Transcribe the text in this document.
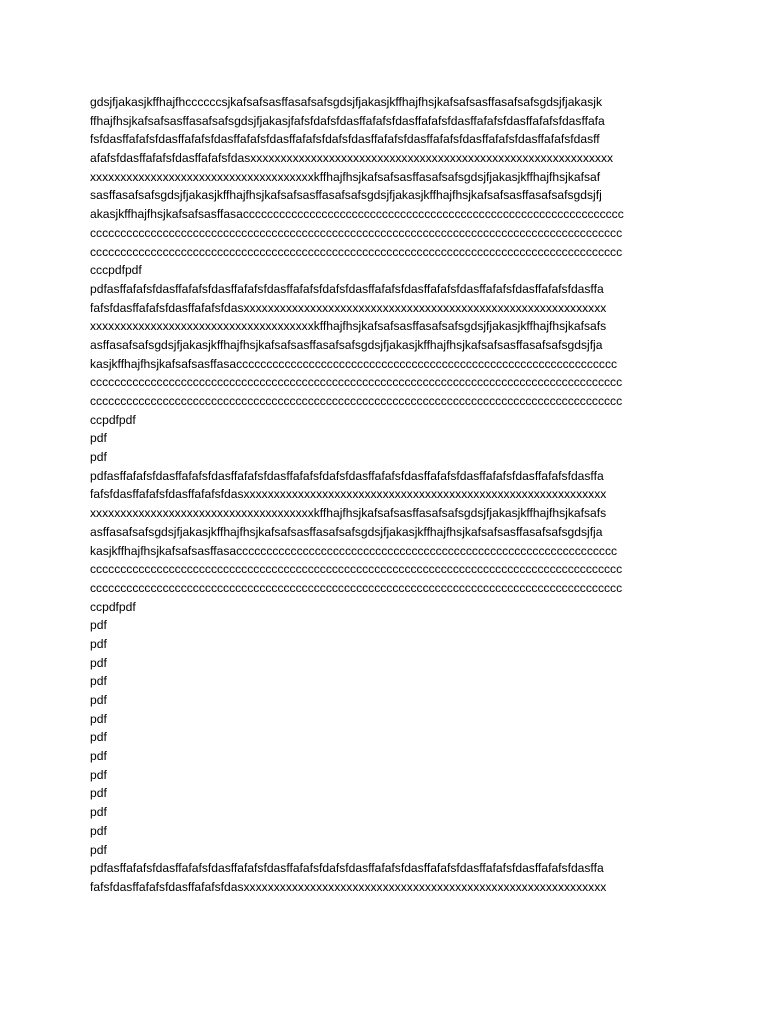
gdsjfjakasjkffhajfhccccccsjkafsafsasffasafsafsgdsjfjakasjkffhajfhsjkafsafsasffasafsafsgdsjfjakasjk
ffhajfhsjkafsafsasffasafsafsgdsjfjakasjfafsfdafsfdasffafafsfdasffafafsfdasffafafsfdasffafafsfdasffafa
fsfdasffafafsfdasffafafsfdasffafafsfdasffafafsfdafsfdasffafafsfdasffafafsfdasffafafsfdasffafafsfdasff
afafsfdasffafafsfdasffafafsfdasxxxxxxxxxxxxxxxxxxxxxxxxxxxxxxxxxxxxxxxxxxxxxxxxxxxxxxxxxxxx
xxxxxxxxxxxxxxxxxxxxxxxxxxxxxxxxxxxxxkffhajfhsjkafsafsasffasafsafsgdsjfjakasjkffhajfhsjkafsaf
sasffasafsafsgdsjfjakasjkffhajfhsjkafsafsasffasafsafsgdsjfjakasjkffhajfhsjkafsafsasffasafsafsgdsjfj
akasjkffhajfhsjkafsafsasffasaccccccccccccccccccccccccccccccccccccccccccccccccccccccccccccccc
cccccccccccccccccccccccccccccccccccccccccccccccccccccccccccccccccccccccccccccccccccccccc
cccccccccccccccccccccccccccccccccccccccccccccccccccccccccccccccccccccccccccccccccccccccc
cccpdfpdf
pdfasffafafsfdasffafafsfdasffafafsfdasffafafsfdafsfdasffafafsfdasffafafsfdasffafafsfdasffafafsfdasffa
fafsfdasffafafsfdasffafafsfdasxxxxxxxxxxxxxxxxxxxxxxxxxxxxxxxxxxxxxxxxxxxxxxxxxxxxxxxxxxxx
xxxxxxxxxxxxxxxxxxxxxxxxxxxxxxxxxxxxxkffhajfhsjkafsafsasffasafsafsgdsjfjakasjkffhajfhsjkafsafs
asffasafsafsgdsjfjakasjkffhajfhsjkafsafsasffasafsafsgdsjfjakasjkffhajfhsjkafsafsasffasafsafsgdsjfja
kasjkffhajfhsjkafsafsasffasaccccccccccccccccccccccccccccccccccccccccccccccccccccccccccccccc
cccccccccccccccccccccccccccccccccccccccccccccccccccccccccccccccccccccccccccccccccccccccc
cccccccccccccccccccccccccccccccccccccccccccccccccccccccccccccccccccccccccccccccccccccccc
ccpdfpdf
pdf
pdf
pdfasffafafsfdasffafafsfdasffafafsfdasffafafsfdafsfdasffafafsfdasffafafsfdasffafafsfdasffafafsfdasffa
fafsfdasffafafsfdasffafafsfdasxxxxxxxxxxxxxxxxxxxxxxxxxxxxxxxxxxxxxxxxxxxxxxxxxxxxxxxxxxxx
xxxxxxxxxxxxxxxxxxxxxxxxxxxxxxxxxxxxxkffhajfhsjkafsafsasffasafsafsgdsjfjakasjkffhajfhsjkafsafs
asffasafsafsgdsjfjakasjkffhajfhsjkafsafsasffasafsafsgdsjfjakasjkffhajfhsjkafsafsasffasafsafsgdsjfja
kasjkffhajfhsjkafsafsasffasaccccccccccccccccccccccccccccccccccccccccccccccccccccccccccccccc
cccccccccccccccccccccccccccccccccccccccccccccccccccccccccccccccccccccccccccccccccccccccc
cccccccccccccccccccccccccccccccccccccccccccccccccccccccccccccccccccccccccccccccccccccccc
ccpdfpdf
pdf
pdf
pdf
pdf
pdf
pdf
pdf
pdf
pdf
pdf
pdf
pdf
pdf
pdfasffafafsfdasffafafsfdasffafafsfdasffafafsfdafsfdasffafafsfdasffafafsfdasffafafsfdasffafafsfdasffa
fafsfdasffafafsfdasffafafsfdasxxxxxxxxxxxxxxxxxxxxxxxxxxxxxxxxxxxxxxxxxxxxxxxxxxxxxxxxxxxx
